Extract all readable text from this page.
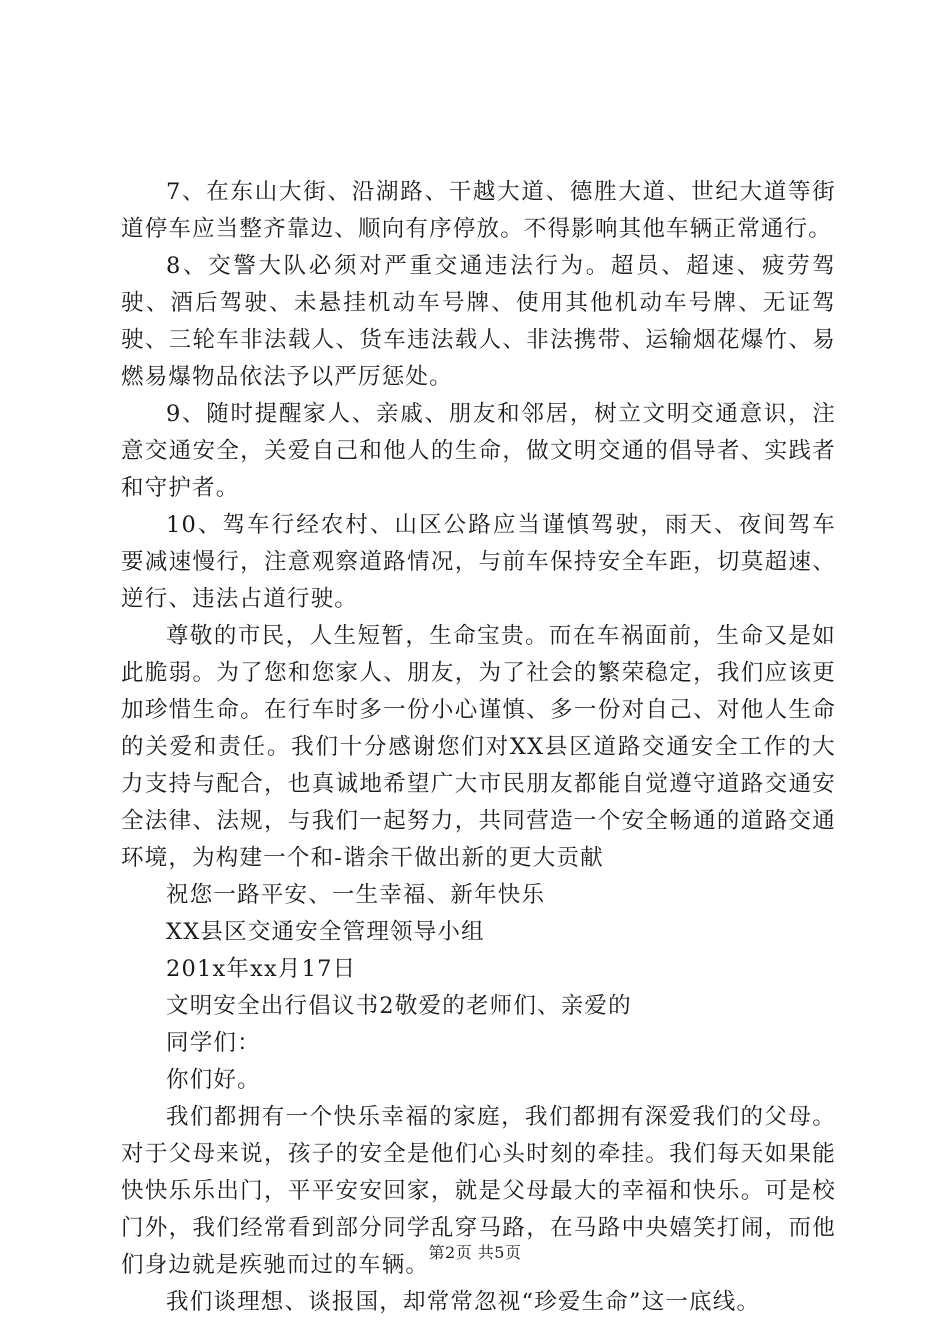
7、在东山大街、沿湖路、干越大道、德胜大道、世纪大道等街道停车应当整齐靠边、顺向有序停放。不得影响其他车辆正常通行。

8、交警大队必须对严重交通违法行为。超员、超速、疲劳驾驶、酒后驾驶、未悬挂机动车号牌、使用其他机动车号牌、无证驾驶、三轮车非法载人、货车违法载人、非法携带、运输烟花爆竹、易燃易爆物品依法予以严厉惩处。

9、随时提醒家人、亲戚、朋友和邻居，树立文明交通意识，注意交通安全，关爱自己和他人的生命，做文明交通的倡导者、实践者和守护者。

10、驾车行经农村、山区公路应当谨慎驾驶，雨天、夜间驾车要减速慢行，注意观察道路情况，与前车保持安全车距，切莫超速、逆行、违法占道行驶。

尊敬的市民，人生短暂，生命宝贵。而在车祸面前，生命又是如此脆弱。为了您和您家人、朋友，为了社会的繁荣稳定，我们应该更加珍惜生命。在行车时多一份小心谨慎、多一份对自己、对他人生命的关爱和责任。我们十分感谢您们对XX县区道路交通安全工作的大力支持与配合，也真诚地希望广大市民朋友都能自觉遵守道路交通安全法律、法规，与我们一起努力，共同营造一个安全畅通的道路交通环境，为构建一个和-谐余干做出新的更大贡献

祝您一路平安、一生幸福、新年快乐

XX县区交通安全管理领导小组

201x年xx月17日

文明安全出行倡议书2敬爱的老师们、亲爱的

同学们：

你们好。

我们都拥有一个快乐幸福的家庭，我们都拥有深爱我们的父母。对于父母来说，孩子的安全是他们心头时刻的牵挂。我们每天如果能快快乐乐出门，平平安安回家，就是父母最大的幸福和快乐。可是校门外，我们经常看到部分同学乱穿马路，在马路中央嬉笑打闹，而他们身边就是疾驰而过的车辆。

我们谈理想、谈报国，却常常忽视“珍爱生命”这一底线。

第2页 共5页
